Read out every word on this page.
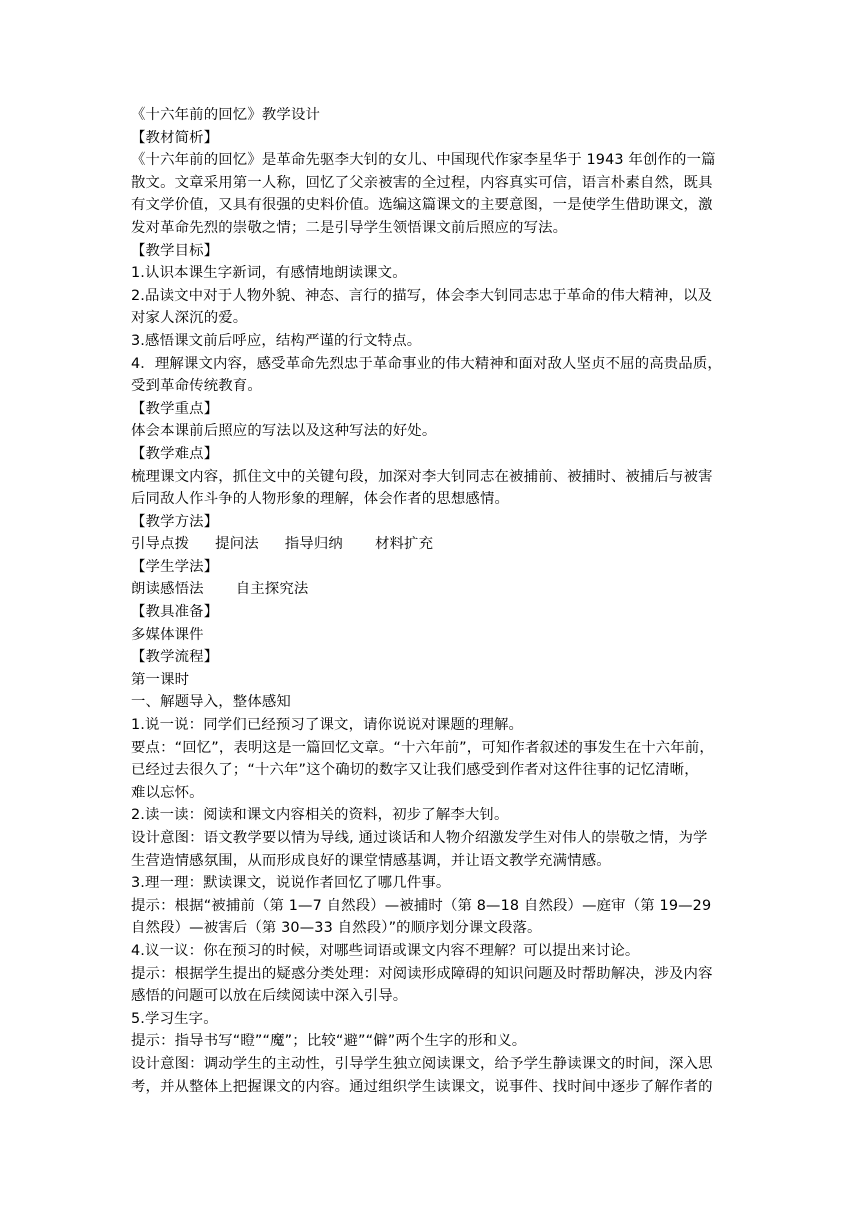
《十六年前的回忆》教学设计
【教材简析】
《十六年前的回忆》是革命先驱李大钊的女儿、中国现代作家李星华于 1943 年创作的一篇
散文。文章采用第一人称，回忆了父亲被害的全过程，内容真实可信，语言朴素自然，既具
有文学价值，又具有很强的史料价值。选编这篇课文的主要意图，一是使学生借助课文，激
发对革命先烈的崇敬之情；二是引导学生领悟课文前后照应的写法。
【教学目标】
1.认识本课生字新词，有感情地朗读课文。
2.品读文中对于人物外貌、神态、言行的描写，体会李大钊同志忠于革命的伟大精神，以及
对家人深沉的爱。
3.感悟课文前后呼应，结构严谨的行文特点。
4．理解课文内容，感受革命先烈忠于革命事业的伟大精神和面对敌人坚贞不屈的高贵品质，
受到革命传统教育。
【教学重点】
体会本课前后照应的写法以及这种写法的好处。
【教学难点】
梳理课文内容，抓住文中的关键句段，加深对李大钊同志在被捕前、被捕时、被捕后与被害
后同敌人作斗争的人物形象的理解，体会作者的思想感情。
【教学方法】
引导点拨 提问法 指导归纳 材料扩充
【学生学法】
朗读感悟法 自主探究法
【教具准备】
多媒体课件
【教学流程】
第一课时
一、解题导入，整体感知
1.说一说：同学们已经预习了课文，请你说说对课题的理解。
要点：“回忆”，表明这是一篇回忆文章。“十六年前”，可知作者叙述的事发生在十六年前，
已经过去很久了；“十六年”这个确切的数字又让我们感受到作者对这件往事的记忆清晰，
难以忘怀。
2.读一读：阅读和课文内容相关的资料，初步了解李大钊。
设计意图：语文教学要以情为导线, 通过谈话和人物介绍激发学生对伟人的崇敬之情，为学
生营造情感氛围，从而形成良好的课堂情感基调，并让语文教学充满情感。
3.理一理：默读课文，说说作者回忆了哪几件事。
提示：根据“被捕前（第 1—7 自然段）—被捕时（第 8—18 自然段）—庭审（第 19—29
自然段）—被害后（第 30—33 自然段）”的顺序划分课文段落。
4.议一议：你在预习的时候，对哪些词语或课文内容不理解？可以提出来讨论。
提示：根据学生提出的疑惑分类处理：对阅读形成障碍的知识问题及时帮助解决，涉及内容
感悟的问题可以放在后续阅读中深入引导。
5.学习生字。
提示：指导书写“瞪”“魔”；比较“避”“僻”两个生字的形和义。
设计意图：调动学生的主动性，引导学生独立阅读课文，给予学生静读课文的时间，深入思
考，并从整体上把握课文的内容。通过组织学生读课文，说事件、找时间中逐步了解作者的
